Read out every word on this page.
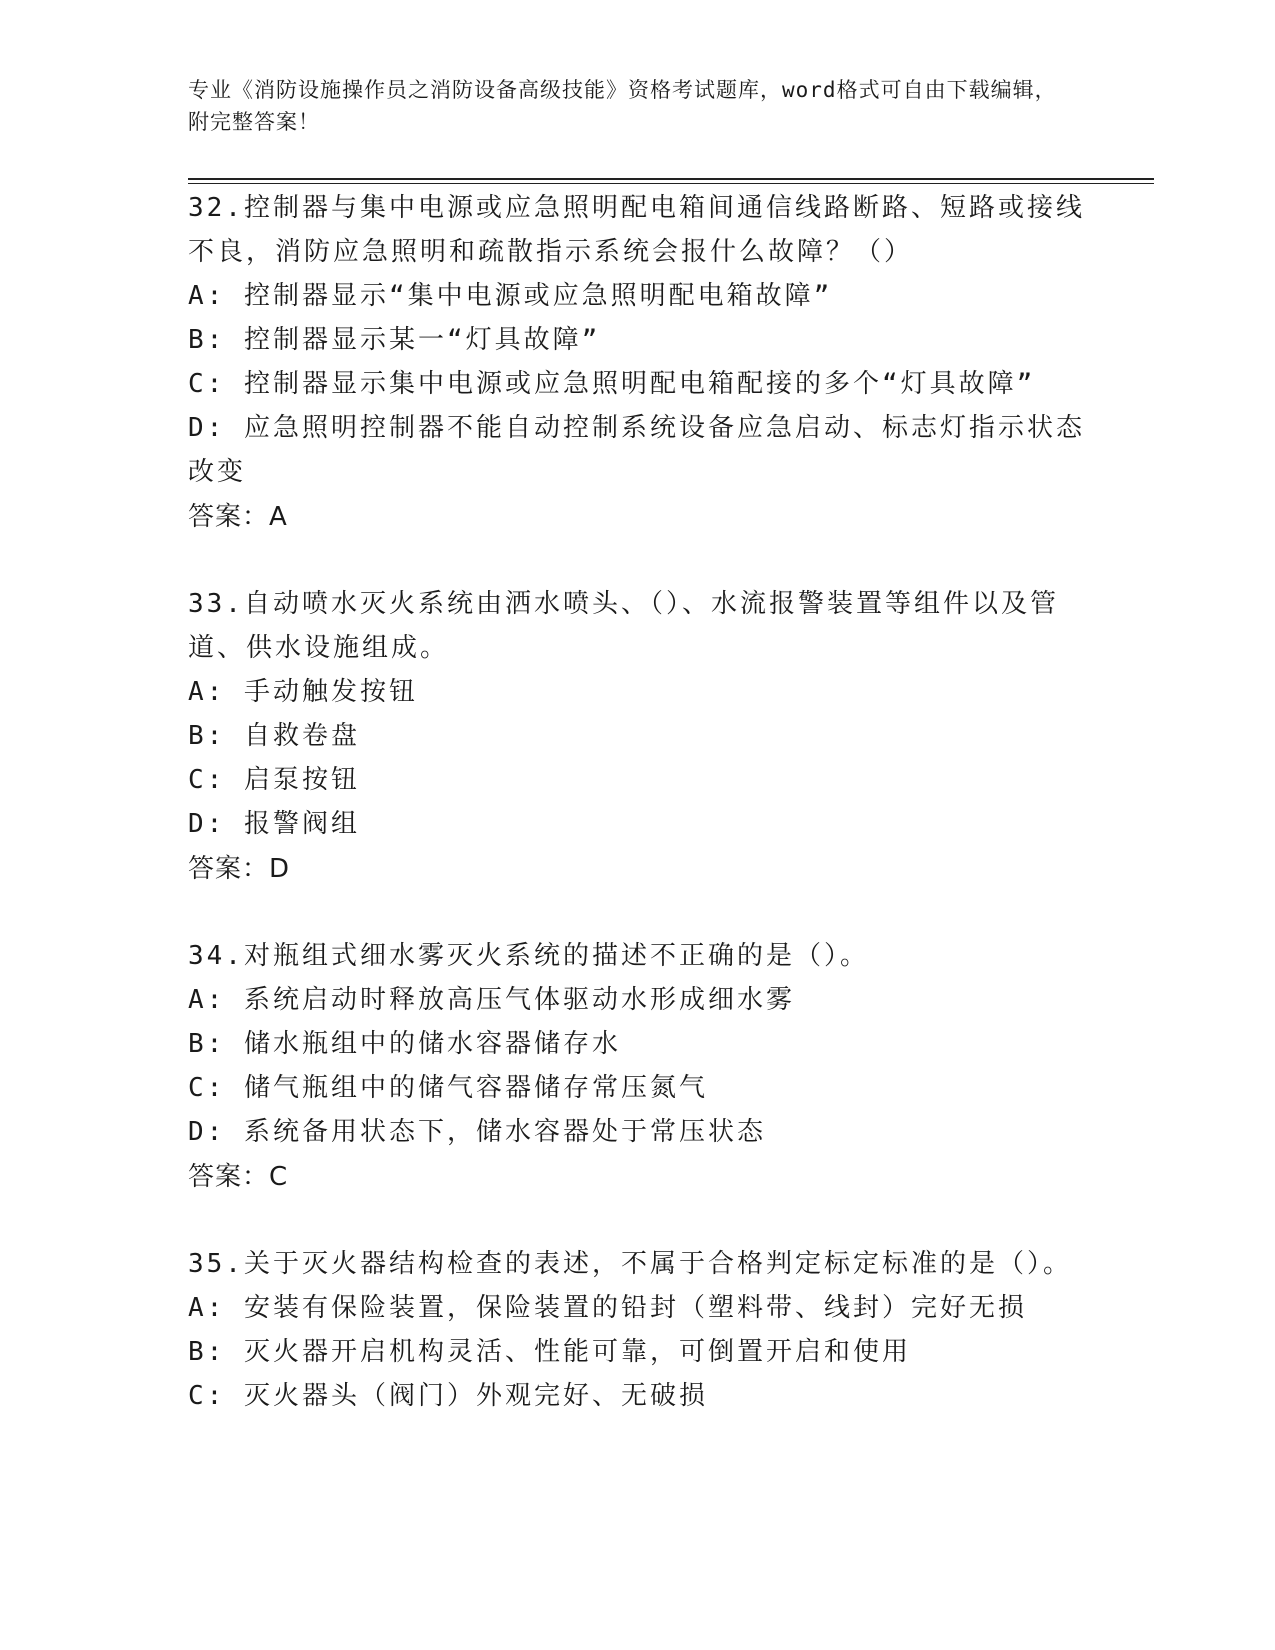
专业《消防设施操作员之消防设备高级技能》资格考试题库，word格式可自由下载编辑，附完整答案！

32.控制器与集中电源或应急照明配电箱间通信线路断路、短路或接线不良，消防应急照明和疏散指示系统会报什么故障？（）

A: 控制器显示“集中电源或应急照明配电箱故障”

B: 控制器显示某一“灯具故障”

C: 控制器显示集中电源或应急照明配电箱配接的多个“灯具故障”

D: 应急照明控制器不能自动控制系统设备应急启动、标志灯指示状态改变

答案：A

33.自动喷水灭火系统由洒水喷头、（）、水流报警装置等组件以及管道、供水设施组成。

A: 手动触发按钮

B: 自救卷盘

C: 启泵按钮

D: 报警阀组

答案：D

34.对瓶组式细水雾灭火系统的描述不正确的是（）。

A: 系统启动时释放高压气体驱动水形成细水雾

B: 储水瓶组中的储水容器储存水

C: 储气瓶组中的储气容器储存常压氮气

D: 系统备用状态下，储水容器处于常压状态

答案：C

35.关于灭火器结构检查的表述，不属于合格判定标定标准的是（）。

A: 安装有保险装置，保险装置的铅封（塑料带、线封）完好无损

B: 灭火器开启机构灵活、性能可靠，可倒置开启和使用

C: 灭火器头（阀门）外观完好、无破损
